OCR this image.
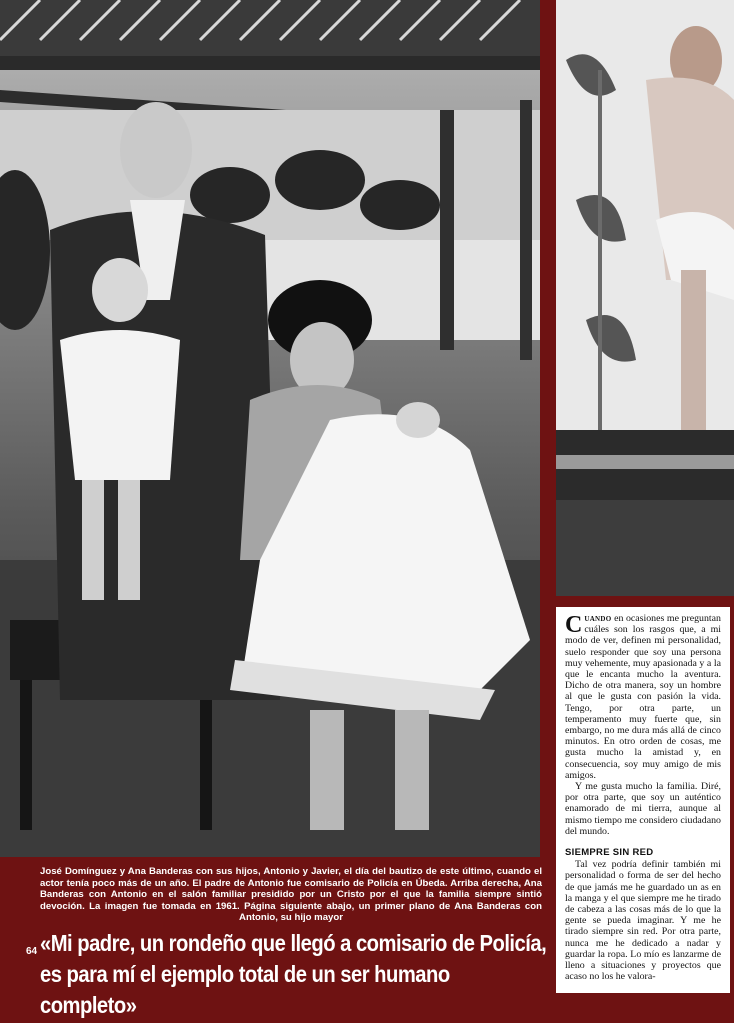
José Domínguez y Ana Banderas con sus hijos, Antonio y Javier, el día del bautizo de este último, cuando el actor tenía poco más de un año. El padre de Antonio fue comisario de Policía en Úbeda. Arriba derecha, Ana Banderas con Antonio en el salón familiar presidido por un Cristo por el que la familia siempre sintió devoción. La imagen fue tomada en 1961. Página siguiente abajo, un primer plano de Ana Banderas con Antonio, su hijo mayor
64 «Mi padre, un rondeño que llegó a comisario de Policía,
es para mí el ejemplo total de un ser humano completo»

Cuando en ocasiones me preguntan cuáles son los rasgos que, a mi modo de ver, definen mi personalidad, suelo responder que soy una persona muy vehemente, muy apasionada y a la que le encanta mucho la aventura. Dicho de otra manera, soy un hombre al que le gusta con pasión la vida. Tengo, por otra parte, un temperamento muy fuerte que, sin embargo, no me dura más allá de cinco minutos. En otro orden de cosas, me gusta mucho la amistad y, en consecuencia, soy muy amigo de mis amigos.

Y me gusta mucho la familia. Diré, por otra parte, que soy un auténtico enamorado de mi tierra, aunque al mismo tiempo me considero ciudadano del mundo.

SIEMPRE SIN RED

Tal vez podría definir también mi personalidad o forma de ser del hecho de que jamás me he guardado un as en la manga y el que siempre me he tirado de cabeza a las cosas más de lo que la gente se pueda imaginar. Y me he tirado siempre sin red. Por otra parte, nunca me he dedicado a nadar y guardar la ropa. Lo mío es lanzarme de lleno a situaciones y proyectos que acaso no los he valora-
